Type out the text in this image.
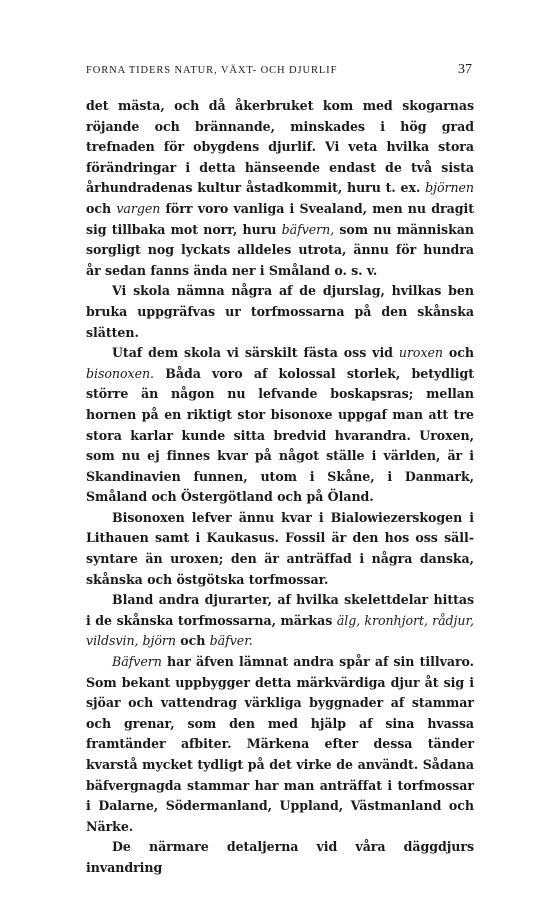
FORNA TIDERS NATUR, VÄXT- OCH DJURLIF	37

det mästa, och då åkerbruket kom med skogarnas röjande och brännande, minskades i hög grad trefnaden för obygdens djurlif. Vi veta hvilka stora förändringar i detta hänseende endast de två sista århundradenas kultur åstadkommit, huru t. ex. björnen och vargen förr voro vanliga i Svealand, men nu dragit sig tillbaka mot norr, huru bäfvern, som nu människan sorgligt nog lyckats alldeles utrota, ännu för hundra år sedan fanns ända ner i Småland o. s. v.

Vi skola nämna några af de djurslag, hvilkas ben bruka uppgräfvas ur torfmossarna på den skånska slätten.

Utaf dem skola vi särskilt fästa oss vid uroxen och bisonoxen. Båda voro af kolossal storlek, betydligt större än någon nu lefvande boskapsras; mellan hornen på en riktigt stor bisonoxe uppgaf man att tre stora karlar kunde sitta bredvid hvarandra. Uroxen, som nu ej finnes kvar på något ställe i världen, är i Skandinavien funnen, utom i Skåne, i Danmark, Småland och Östergötland och på Öland.

Bisonoxen lefver ännu kvar i Bialowiezerskogen i Lithauen samt i Kaukasus. Fossil är den hos oss sällsyntare än uroxen; den är anträffad i några danska, skånska och östgötska torfmossar.

Bland andra djurarter, af hvilka skelettdelar hittas i de skånska torfmossarna, märkas älg, kronhjort, rådjur, vildsvin, björn och bäfver.

Bäfvern har äfven lämnat andra spår af sin tillvaro. Som bekant uppbygger detta märkvärdiga djur åt sig i sjöar och vattendrag värkliga byggnader af stammar och grenar, som den med hjälp af sina hvassa framtänder afbiter. Märkena efter dessa tänder kvarstå mycket tydligt på det virke de användt. Sådana bäfvergnagda stammar har man anträffat i torfmossar i Dalarne, Södermanland, Uppland, Västmanland och Närke.

De närmare detaljerna vid våra däggdjurs invandring
